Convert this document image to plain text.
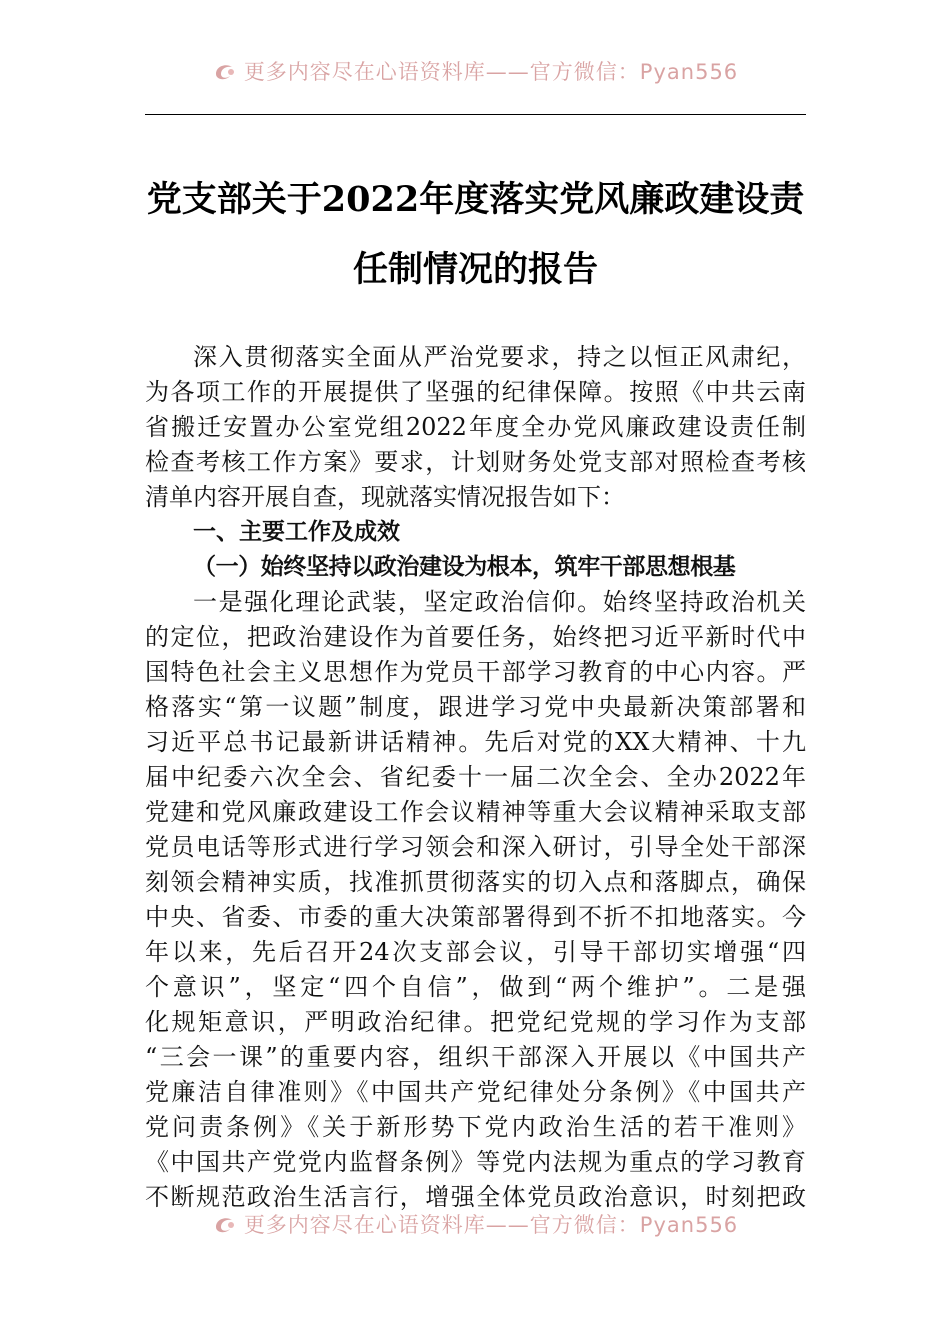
更多内容尽在心语资料库——官方微信：Pyan556
党支部关于2022年度落实党风廉政建设责
任制情况的报告
深入贯彻落实全面从严治党要求，持之以恒正风肃纪，
为各项工作的开展提供了坚强的纪律保障。按照《中共云南
省搬迁安置办公室党组2022年度全办党风廉政建设责任制
检查考核工作方案》要求，计划财务处党支部对照检查考核
清单内容开展自查，现就落实情况报告如下：
一、主要工作及成效
（一）始终坚持以政治建设为根本，筑牢干部思想根基
一是强化理论武装，坚定政治信仰。始终坚持政治机关
的定位，把政治建设作为首要任务，始终把习近平新时代中
国特色社会主义思想作为党员干部学习教育的中心内容。严
格落实“第一议题”制度，跟进学习党中央最新决策部署和
习近平总书记最新讲话精神。先后对党的XX大精神、十九
届中纪委六次全会、省纪委十一届二次全会、全办2022年
党建和党风廉政建设工作会议精神等重大会议精神采取支部
党员电话等形式进行学习领会和深入研讨，引导全处干部深
刻领会精神实质，找准抓贯彻落实的切入点和落脚点，确保
中央、省委、市委的重大决策部署得到不折不扣地落实。今
年以来，先后召开24次支部会议，引导干部切实增强“四
个意识”，坚定“四个自信”，做到“两个维护”。二是强
化规矩意识，严明政治纪律。把党纪党规的学习作为支部
“三会一课”的重要内容，组织干部深入开展以《中国共产
党廉洁自律准则》《中国共产党纪律处分条例》《中国共产
党问责条例》《关于新形势下党内政治生活的若干准则》
《中国共产党党内监督条例》等党内法规为重点的学习教育
不断规范政治生活言行，增强全体党员政治意识，时刻把政
更多内容尽在心语资料库——官方微信：Pyan556
